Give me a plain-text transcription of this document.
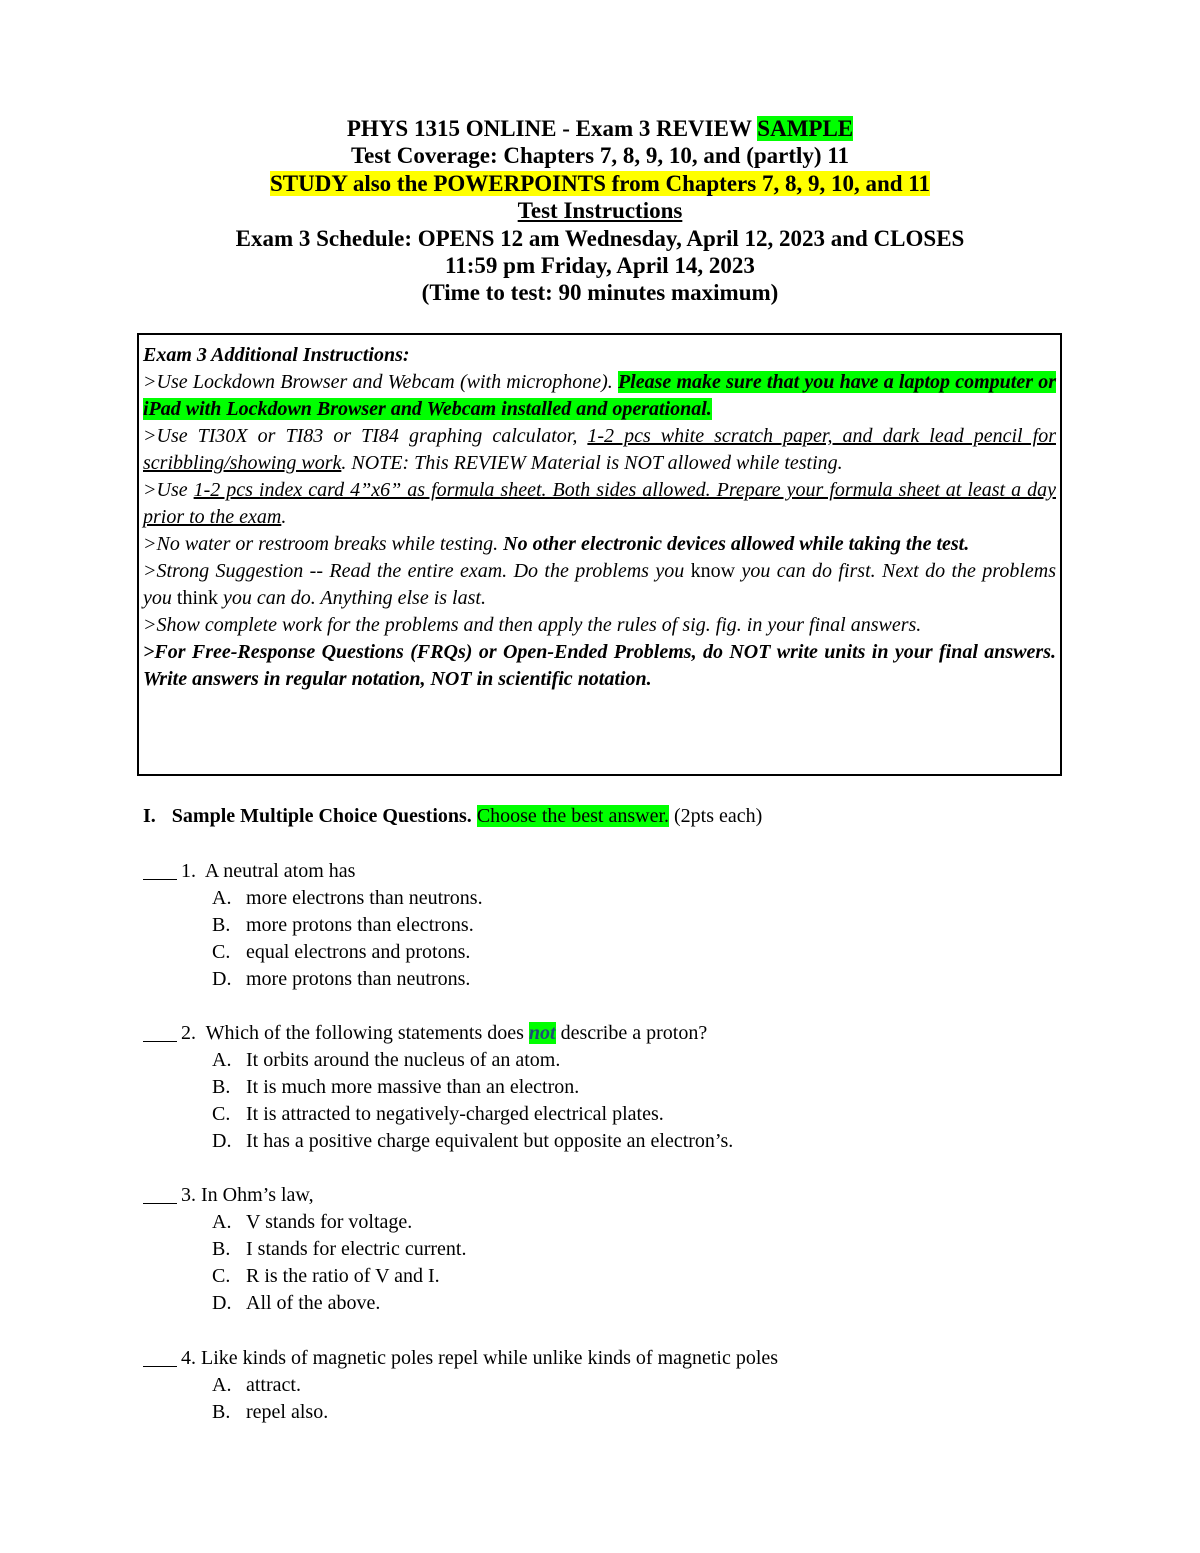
PHYS 1315 ONLINE - Exam 3 REVIEW SAMPLE
Test Coverage: Chapters 7, 8, 9, 10, and (partly) 11
STUDY also the POWERPOINTS from Chapters 7, 8, 9, 10, and 11
Test Instructions
Exam 3 Schedule: OPENS 12 am Wednesday, April 12, 2023 and CLOSES
11:59 pm Friday, April 14, 2023
(Time to test: 90 minutes maximum)

Exam 3 Additional Instructions:

>Use Lockdown Browser and Webcam (with microphone). Please make sure that you have a laptop computer or iPad with Lockdown Browser and Webcam installed and operational.

>Use TI30X or TI83 or TI84 graphing calculator, 1-2 pcs white scratch paper, and dark lead pencil for scribbling/showing work. NOTE: This REVIEW Material is NOT allowed while testing.

>Use 1-2 pcs index card 4”x6” as formula sheet. Both sides allowed. Prepare your formula sheet at least a day prior to the exam.

>No water or restroom breaks while testing. No other electronic devices allowed while taking the test.

>Strong Suggestion -- Read the entire exam. Do the problems you know you can do first. Next do the problems you think you can do. Anything else is last.

>Show complete work for the problems and then apply the rules of sig. fig. in your final answers.

>For Free-Response Questions (FRQs) or Open-Ended Problems, do NOT write units in your final answers. Write answers in regular notation, NOT in scientific notation.

I. Sample Multiple Choice Questions. Choose the best answer. (2pts each)
1. A neutral atom has
A. more electrons than neutrons.
B. more protons than electrons.
C. equal electrons and protons.
D. more protons than neutrons.
2. Which of the following statements does not describe a proton?
A. It orbits around the nucleus of an atom.
B. It is much more massive than an electron.
C. It is attracted to negatively-charged electrical plates.
D. It has a positive charge equivalent but opposite an electron’s.
3. In Ohm’s law,
A. V stands for voltage.
B. I stands for electric current.
C. R is the ratio of V and I.
D. All of the above.
4. Like kinds of magnetic poles repel while unlike kinds of magnetic poles
A. attract.
B. repel also.
